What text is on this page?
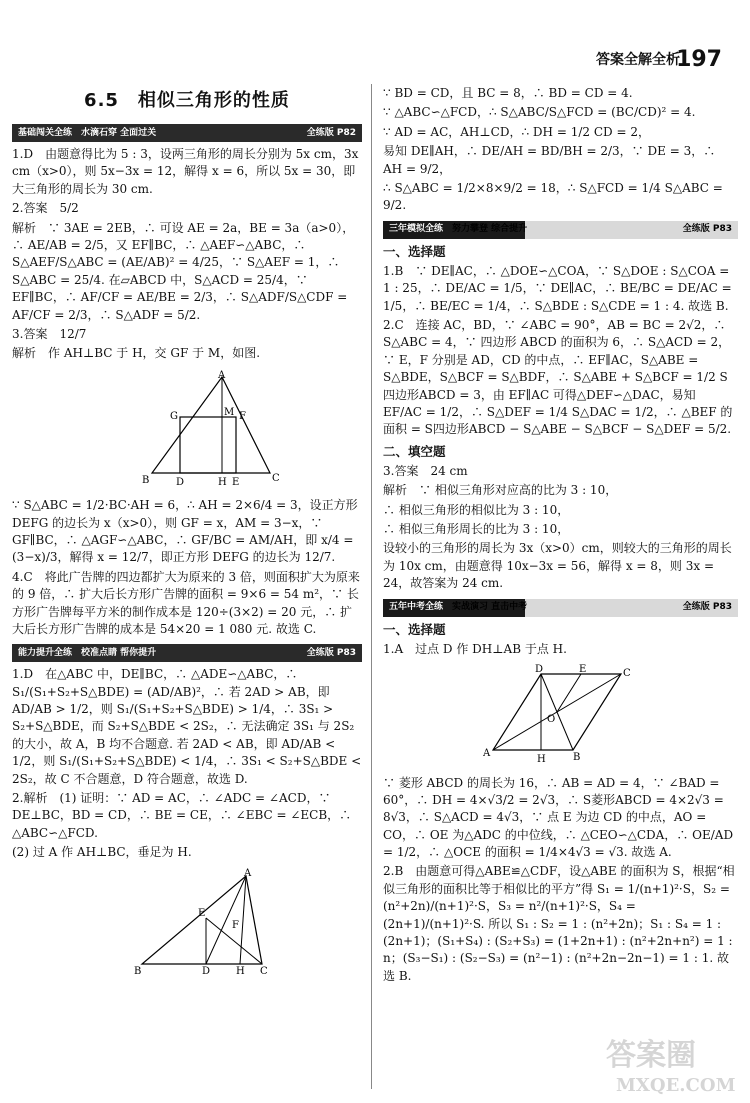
答案全解全析
197
6.5　相似三角形的性质
基础闯关全练　 水滴石穿 全面过关	全练版 P82

1.D　由题意得比为 5 : 3，设两三角形的周长分别为 5x cm，3x cm（x>0），则 5x−3x = 12，解得 x = 6，所以 5x = 30，即大三角形的周长为 30 cm.

2.答案　5/2

解析　∵ 3AE = 2EB，∴ 可设 AE = 2a，BE = 3a（a>0），∴ AE/AB = 2/5，又 EF∥BC，∴ △AEF∽△ABC，∴ S△AEF/S△ABC = (AE/AB)² = 4/25，∵ S△AEF = 1，∴ S△ABC = 25/4. 在▱ABCD 中，S△ACD = 25/4，∵ EF∥BC，∴ AF/CF = AE/BE = 2/3，∴ S△ADF/S△CDF = AF/CF = 2/3，∴ S△ADF = 5/2.

3.答案　12/7

解析　作 AH⊥BC 于 H，交 GF 于 M，如图.

A
G	M F
B	D	H E	C

∵ S△ABC = 1/2·BC·AH = 6，∴ AH = 2×6/4 = 3，设正方形 DEFG 的边长为 x（x>0），则 GF = x，AM = 3−x，∵ GF∥BC，∴ △AGF∽△ABC，∴ GF/BC = AM/AH，即 x/4 = (3−x)/3，解得 x = 12/7，即正方形 DEFG 的边长为 12/7.

4.C　将此广告牌的四边都扩大为原来的 3 倍，则面积扩大为原来的 9 倍，∴ 扩大后长方形广告牌的面积 = 9×6 = 54 m²，∵ 长方形广告牌每平方米的制作成本是 120÷(3×2) = 20 元，∴ 扩大后长方形广告牌的成本是 54×20 = 1 080 元. 故选 C.

能力提升全练　 校准点睛 帮你提升	全练版 P83

1.D　在△ABC 中，DE∥BC，∴ △ADE∽△ABC，∴ S₁/(S₁+S₂+S△BDE) = (AD/AB)²，∴ 若 2AD > AB，即 AD/AB > 1/2，则 S₁/(S₁+S₂+S△BDE) > 1/4，∴ 3S₁ > S₂+S△BDE，而 S₂+S△BDE < 2S₂，∴ 无法确定 3S₁ 与 2S₂ 的大小，故 A，B 均不合题意. 若 2AD < AB，即 AD/AB < 1/2，则 S₁/(S₁+S₂+S△BDE) < 1/4，∴ 3S₁ < S₂+S△BDE < 2S₂，故 C 不合题意，D 符合题意，故选 D.

2.解析　(1) 证明：∵ AD = AC，∴ ∠ADC = ∠ACD，∵ DE⊥BC，BD = CD，∴ BE = CE，∴ ∠EBC = ∠ECB，∴ △ABC∽△FCD.

(2) 过 A 作 AH⊥BC，垂足为 H.

A
E
F
B	D	H C

∵ BD = CD，且 BC = 8，∴ BD = CD = 4.

∵ △ABC∽△FCD，∴ S△ABC/S△FCD = (BC/CD)² = 4.

∵ AD = AC，AH⊥CD，∴ DH = 1/2 CD = 2，

易知 DE∥AH，∴ DE/AH = BD/BH = 2/3，∵ DE = 3，∴ AH = 9/2，

∴ S△ABC = 1/2×8×9/2 = 18，∴ S△FCD = 1/4 S△ABC = 9/2.

三年模拟全练　 努力攀登 综合提升	全练版 P83
一、选择题

1.B　∵ DE∥AC，∴ △DOE∽△COA，∵ S△DOE : S△COA = 1 : 25，∴ DE/AC = 1/5，∵ DE∥AC，∴ BE/BC = DE/AC = 1/5，∴ BE/EC = 1/4，∴ S△BDE : S△CDE = 1 : 4. 故选 B.

2.C　连接 AC，BD，∵ ∠ABC = 90°，AB = BC = 2√2，∴ S△ABC = 4，∵ 四边形 ABCD 的面积为 6，∴ S△ACD = 2，∵ E，F 分别是 AD，CD 的中点，∴ EF∥AC，S△ABE = S△BDE，S△BCF = S△BDF，∴ S△ABE + S△BCF = 1/2 S四边形ABCD = 3，由 EF∥AC 可得△DEF∽△DAC，易知 EF/AC = 1/2，∴ S△DEF = 1/4 S△DAC = 1/2，∴ △BEF 的面积 = S四边形ABCD − S△ABE − S△BCF − S△DEF = 5/2.

二、填空题

3.答案　24 cm

解析　∵ 相似三角形对应高的比为 3 : 10，

∴ 相似三角形的相似比为 3 : 10，

∴ 相似三角形周长的比为 3 : 10，

设较小的三角形的周长为 3x（x>0）cm，则较大的三角形的周长为 10x cm，由题意得 10x−3x = 56，解得 x = 8，则 3x = 24，故答案为 24 cm.

五年中考全练　 实战演习 直击中考	全练版 P83
一、选择题

1.A　过点 D 作 DH⊥AB 于点 H.

D	E	C
O
A
H	B

∵ 菱形 ABCD 的周长为 16，∴ AB = AD = 4，∵ ∠BAD = 60°，∴ DH = 4×√3/2 = 2√3，∴ S菱形ABCD = 4×2√3 = 8√3，∴ S△ACD = 4√3，∵ 点 E 为边 CD 的中点，AO = CO，∴ OE 为△ADC 的中位线，∴ △CEO∽△CDA，∴ OE/AD = 1/2，∴ △OCE 的面积 = 1/4×4√3 = √3. 故选 A.

2.B　由题意可得△ABE≌△CDF，设△ABE 的面积为 S，根据“相似三角形的面积比等于相似比的平方”得 S₁ = 1/(n+1)²·S，S₂ = (n²+2n)/(n+1)²·S，S₃ = n²/(n+1)²·S，S₄ = (2n+1)/(n+1)²·S. 所以 S₁ : S₂ = 1 : (n²+2n)；S₁ : S₄ = 1 : (2n+1)；(S₁+S₄) : (S₂+S₃) = (1+2n+1) : (n²+2n+n²) = 1 : n；(S₃−S₁) : (S₂−S₃) = (n²−1) : (n²+2n−2n−1) = 1 : 1. 故选 B.

答案圈
MXQE.COM
